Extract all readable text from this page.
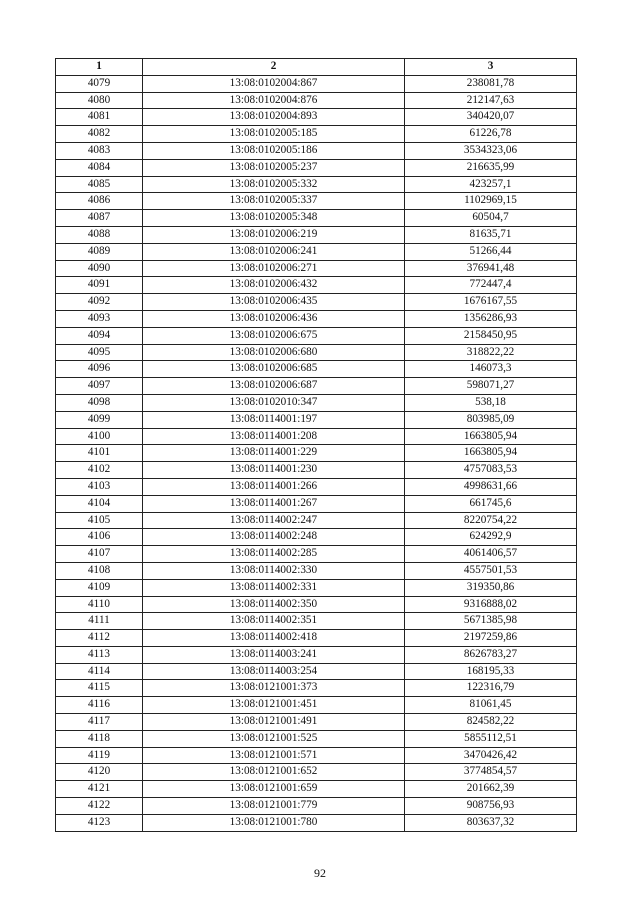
1	2	3
4079	13:08:0102004:867	238081,78
4080	13:08:0102004:876	212147,63
4081	13:08:0102004:893	340420,07
4082	13:08:0102005:185	61226,78
4083	13:08:0102005:186	3534323,06
4084	13:08:0102005:237	216635,99
4085	13:08:0102005:332	423257,1
4086	13:08:0102005:337	1102969,15
4087	13:08:0102005:348	60504,7
4088	13:08:0102006:219	81635,71
4089	13:08:0102006:241	51266,44
4090	13:08:0102006:271	376941,48
4091	13:08:0102006:432	772447,4
4092	13:08:0102006:435	1676167,55
4093	13:08:0102006:436	1356286,93
4094	13:08:0102006:675	2158450,95
4095	13:08:0102006:680	318822,22
4096	13:08:0102006:685	146073,3
4097	13:08:0102006:687	598071,27
4098	13:08:0102010:347	538,18
4099	13:08:0114001:197	803985,09
4100	13:08:0114001:208	1663805,94
4101	13:08:0114001:229	1663805,94
4102	13:08:0114001:230	4757083,53
4103	13:08:0114001:266	4998631,66
4104	13:08:0114001:267	661745,6
4105	13:08:0114002:247	8220754,22
4106	13:08:0114002:248	624292,9
4107	13:08:0114002:285	4061406,57
4108	13:08:0114002:330	4557501,53
4109	13:08:0114002:331	319350,86
4110	13:08:0114002:350	9316888,02
4111	13:08:0114002:351	5671385,98
4112	13:08:0114002:418	2197259,86
4113	13:08:0114003:241	8626783,27
4114	13:08:0114003:254	168195,33
4115	13:08:0121001:373	122316,79
4116	13:08:0121001:451	81061,45
4117	13:08:0121001:491	824582,22
4118	13:08:0121001:525	5855112,51
4119	13:08:0121001:571	3470426,42
4120	13:08:0121001:652	3774854,57
4121	13:08:0121001:659	201662,39
4122	13:08:0121001:779	908756,93
4123	13:08:0121001:780	803637,32
92
